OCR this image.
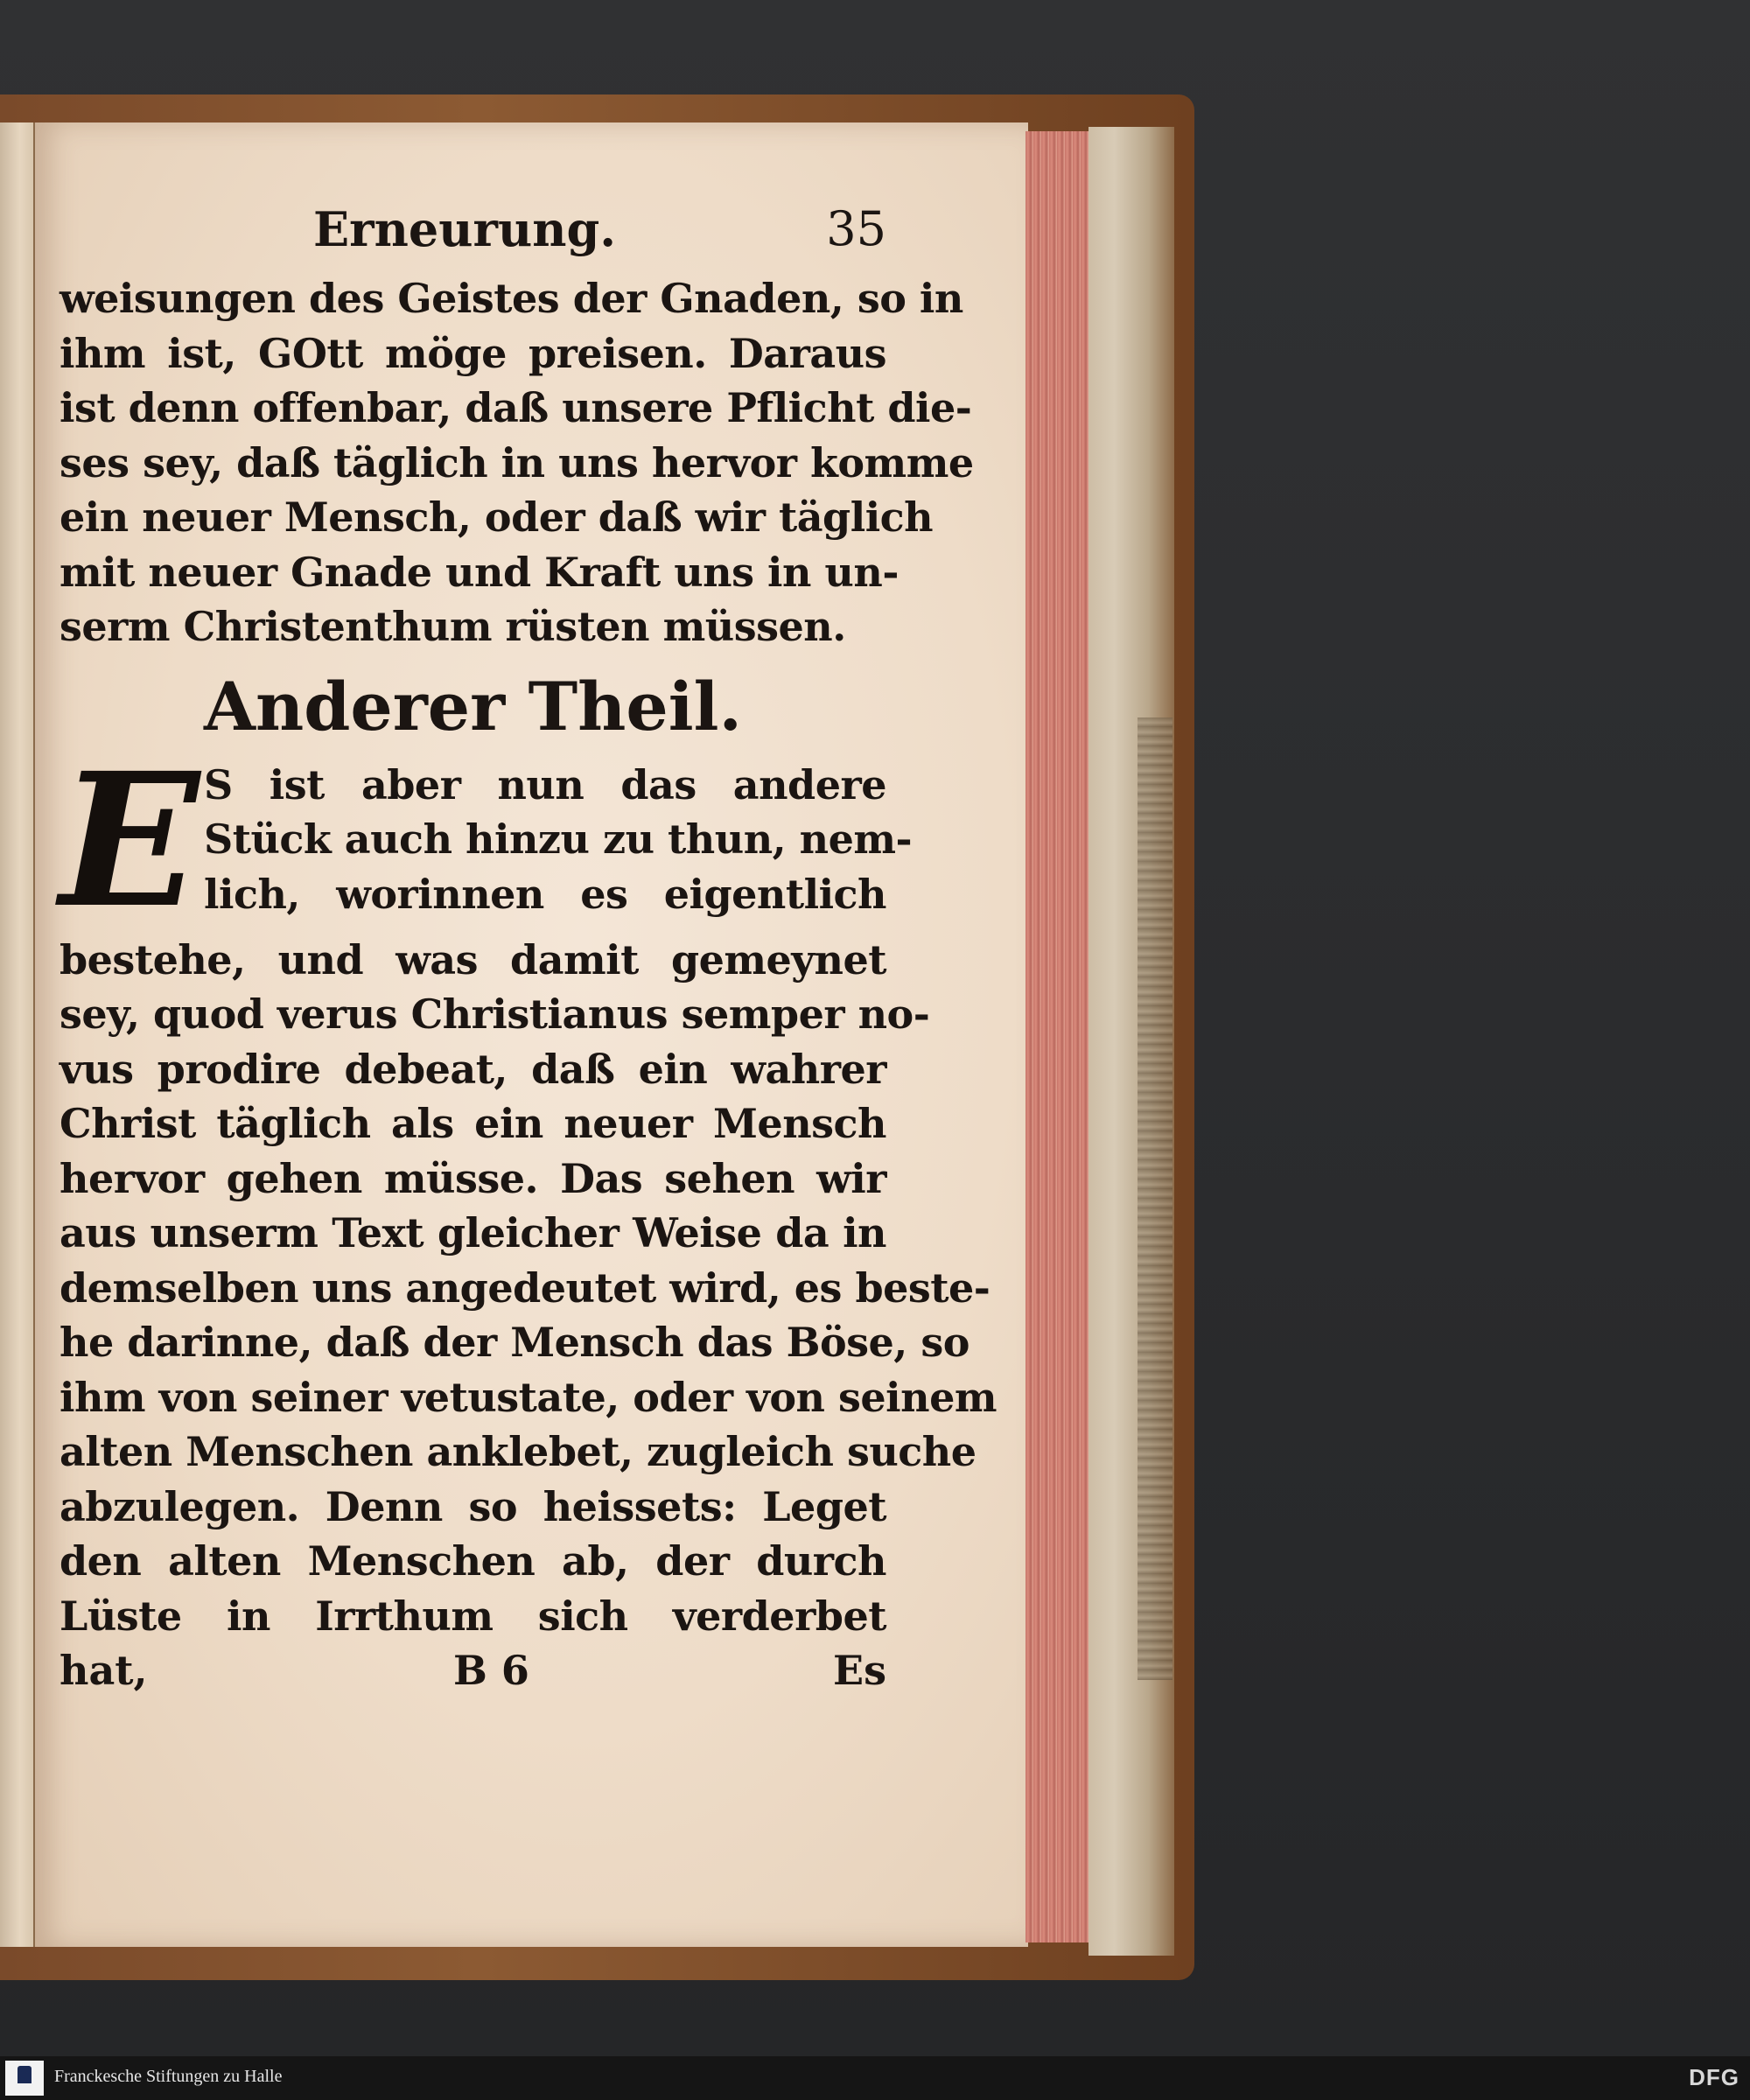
Erneurung.	35
weisungen des Geistes der Gnaden, so in
ihm ist, GOtt möge preisen. Daraus
ist denn offenbar, daß unsere Pflicht die-
ses sey, daß täglich in uns hervor komme
ein neuer Mensch, oder daß wir täglich
mit neuer Gnade und Kraft uns in un-
serm Christenthum rüsten müssen.
Anderer Theil.
E S ist aber nun das andere
Stück auch hinzu zu thun, nem-
lich, worinnen es eigentlich
bestehe, und was damit gemeynet
sey, quod verus Christianus semper no-
vus prodire debeat, daß ein wahrer
Christ täglich als ein neuer Mensch
hervor gehen müsse. Das sehen wir
aus unserm Text gleicher Weise da in
demselben uns angedeutet wird, es beste-
he darinne, daß der Mensch das Böse, so
ihm von seiner vetustate, oder von seinem
alten Menschen anklebet, zugleich suche
abzulegen. Denn so heissets: Leget
den alten Menschen ab, der durch
Lüste in Irrthum sich verderbet
hat,	B 6	Es
Franckesche Stiftungen zu Halle	DFG
